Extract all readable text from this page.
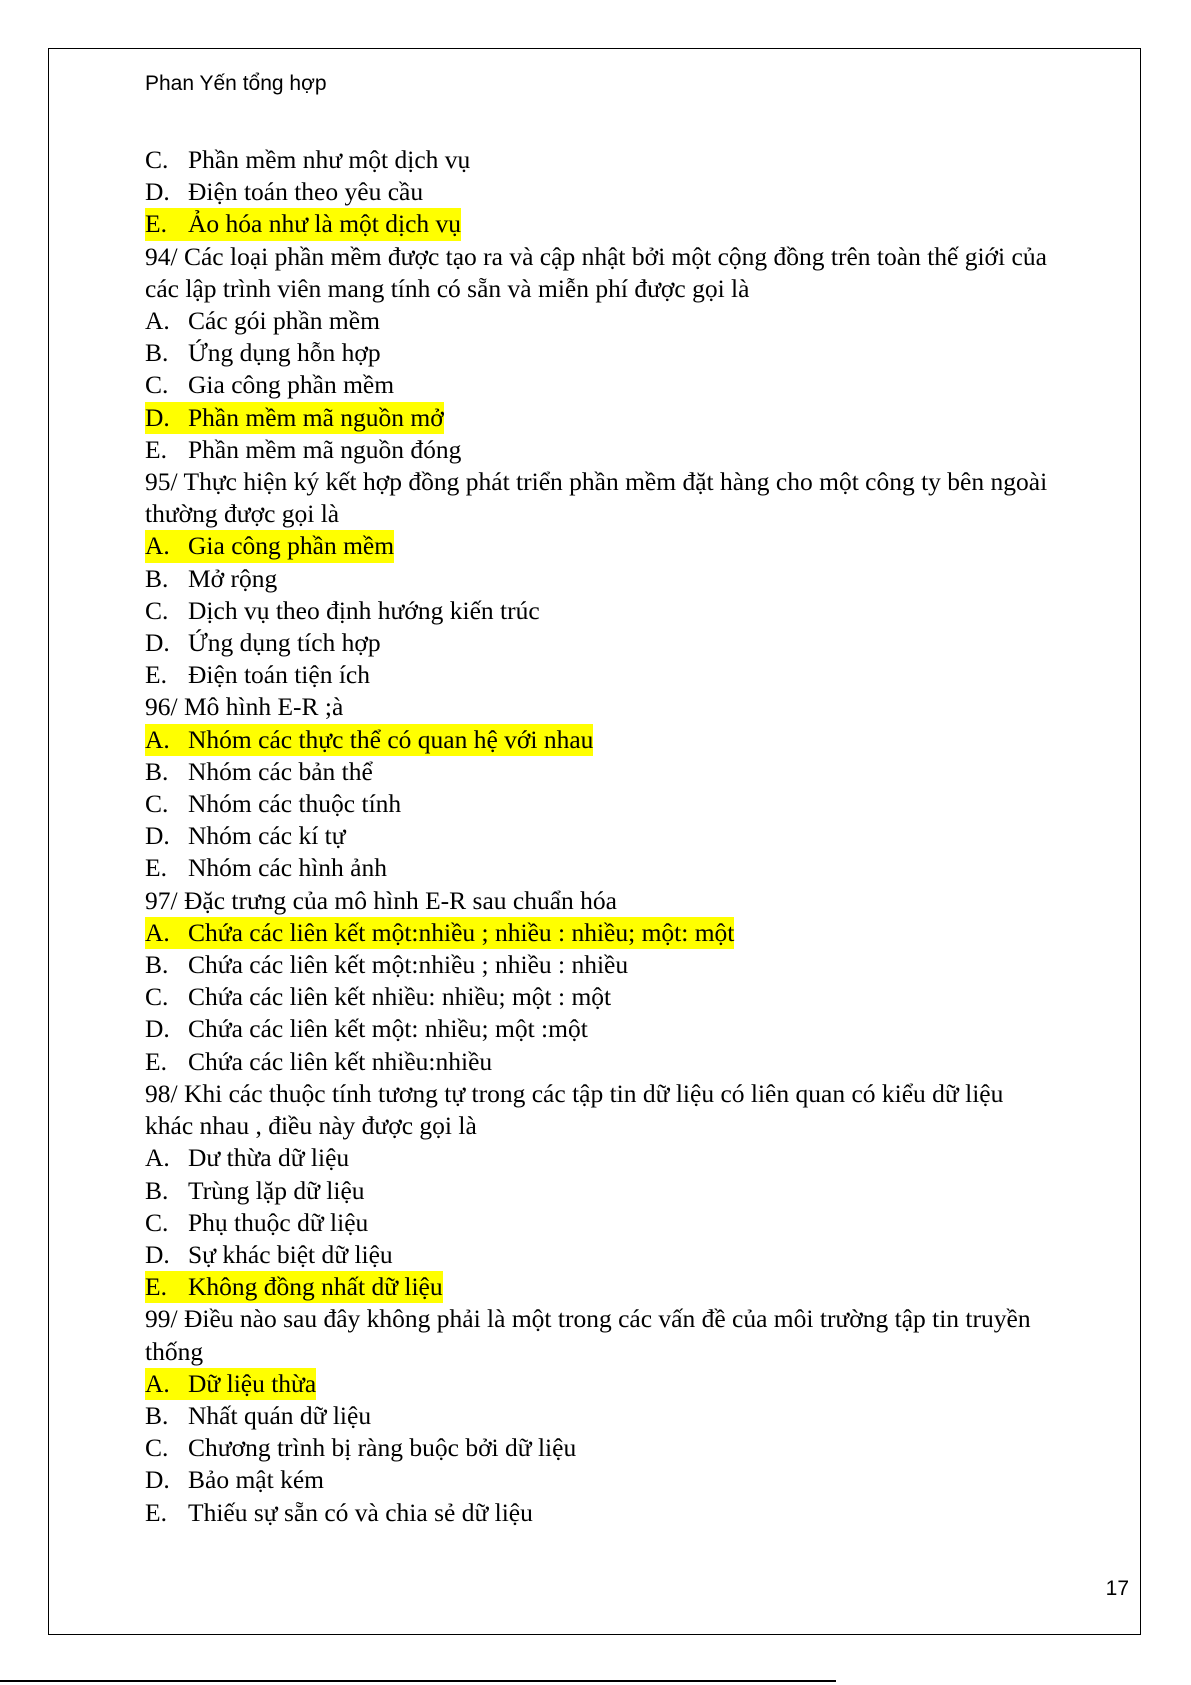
Phan Yến tổng hợp
C. Phần mềm như một dịch vụ
D. Điện toán theo yêu cầu
E. Ảo hóa như là một dịch vụ
94/ Các loại phần mềm được tạo ra và cập nhật bởi một cộng đồng trên toàn thế giới của các lập trình viên mang tính có sẵn và miễn phí được gọi là
A. Các gói phần mềm
B. Ứng dụng hỗn hợp
C. Gia công phần mềm
D. Phần mềm mã nguồn mở
E. Phần mềm mã nguồn đóng
95/ Thực hiện ký kết hợp đồng phát triển phần mềm đặt hàng cho một công ty bên ngoài thường được gọi là
A. Gia công phần mềm
B. Mở rộng
C. Dịch vụ theo định hướng kiến trúc
D. Ứng dụng tích hợp
E. Điện toán tiện ích
96/ Mô hình E-R ;à
A. Nhóm các thực thể có quan hệ với nhau
B. Nhóm các bản thể
C. Nhóm các thuộc tính
D. Nhóm các kí tự
E. Nhóm các hình ảnh
97/ Đặc trưng của mô hình E-R sau chuẩn hóa
A. Chứa các liên kết một:nhiều ; nhiều : nhiều; một: một
B. Chứa các liên kết một:nhiều ; nhiều : nhiều
C. Chứa các liên kết nhiều: nhiều; một : một
D. Chứa các liên kết một: nhiều; một :một
E. Chứa các liên kết nhiều:nhiều
98/ Khi các thuộc tính tương tự trong các tập tin dữ liệu có liên quan có kiểu dữ liệu khác nhau , điều này được gọi là
A. Dư thừa dữ liệu
B. Trùng lặp dữ liệu
C. Phụ thuộc dữ liệu
D. Sự khác biệt dữ liệu
E. Không đồng nhất dữ liệu
99/ Điều nào sau đây không phải là một trong các vấn đề của môi trường tập tin truyền thống
A. Dữ liệu thừa
B. Nhất quán dữ liệu
C. Chương trình bị ràng buộc bởi dữ liệu
D. Bảo mật kém
E. Thiếu sự sẵn có và chia sẻ dữ liệu
17
